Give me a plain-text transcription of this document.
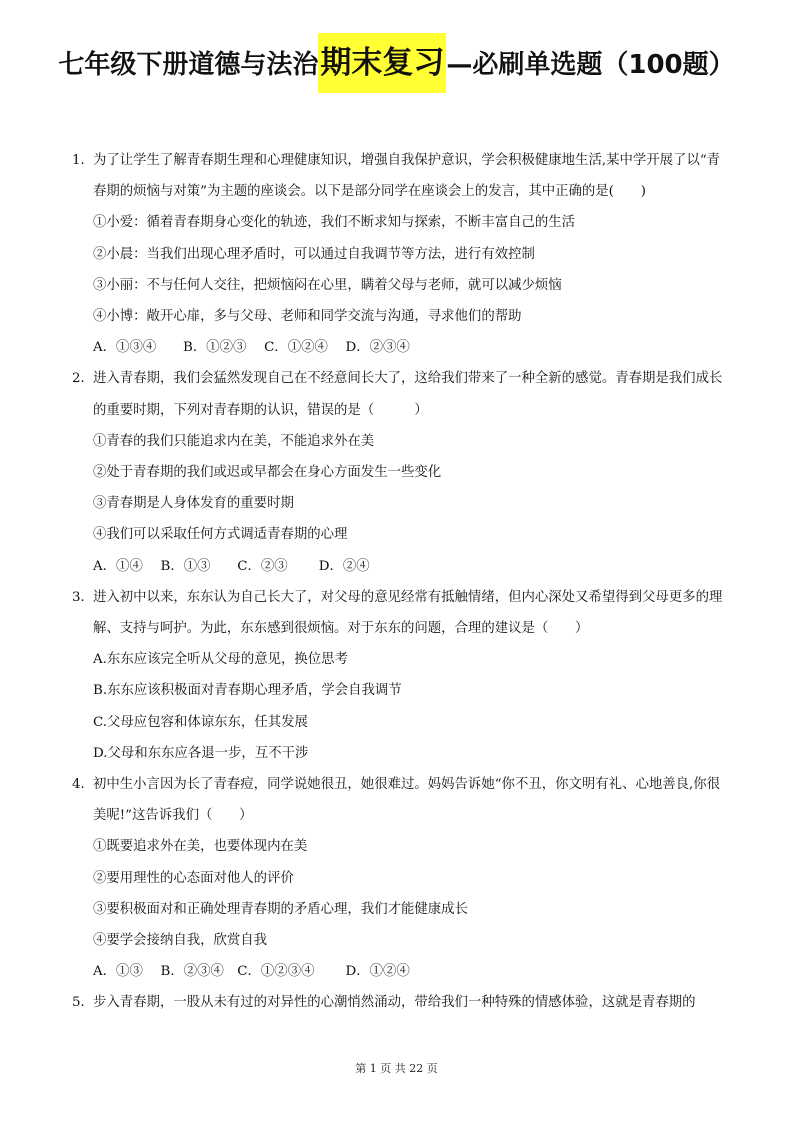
七年级下册道德与法治期末复习—必刷单选题（100题）
1．为了让学生了解青春期生理和心理健康知识，增强自我保护意识，学会积极健康地生活,某中学开展了以“青春期的烦恼与对策”为主题的座谈会。以下是部分同学在座谈会上的发言，其中正确的是(　　)
①小爱：循着青春期身心变化的轨迹，我们不断求知与探索，不断丰富自己的生活
②小晨：当我们出现心理矛盾时，可以通过自我调节等方法，进行有效控制
③小丽：不与任何人交往，把烦恼闷在心里，瞒着父母与老师，就可以减少烦恼
④小博：敞开心扉，多与父母、老师和同学交流与沟通，寻求他们的帮助
A．①③④　　B．①②③　 C．①②④　 D．②③④
2．进入青春期，我们会猛然发现自己在不经意间长大了，这给我们带来了一种全新的感觉。青春期是我们成长的重要时期，下列对青春期的认识，错误的是（　　　）
①青春的我们只能追求内在美，不能追求外在美
②处于青春期的我们或迟或早都会在身心方面发生一些变化
③青春期是人身体发育的重要时期
④我们可以采取任何方式调适青春期的心理
A．①④　 B．①③　　C．②③　　 D．②④
3．进入初中以来，东东认为自己长大了，对父母的意见经常有抵触情绪，但内心深处又希望得到父母更多的理解、支持与呵护。为此，东东感到很烦恼。对于东东的问题，合理的建议是（　　）
A.东东应该完全听从父母的意见，换位思考
B.东东应该积极面对青春期心理矛盾，学会自我调节
C.父母应包容和体谅东东，任其发展
D.父母和东东应各退一步，互不干涉
4．初中生小言因为长了青春痘，同学说她很丑，她很难过。妈妈告诉她“你不丑，你文明有礼、心地善良,你很美呢!”这告诉我们（　　）
①既要追求外在美，也要体现内在美
②要用理性的心态面对他人的评价
③要积极面对和正确处理青春期的矛盾心理，我们才能健康成长
④要学会接纳自我，欣赏自我
A．①③　 B．②③④　C．①②③④　　 D．①②④
5．步入青春期，一股从未有过的对异性的心潮悄然涌动，带给我们一种特殊的情感体验，这就是青春期的
第 1 页 共 22 页
